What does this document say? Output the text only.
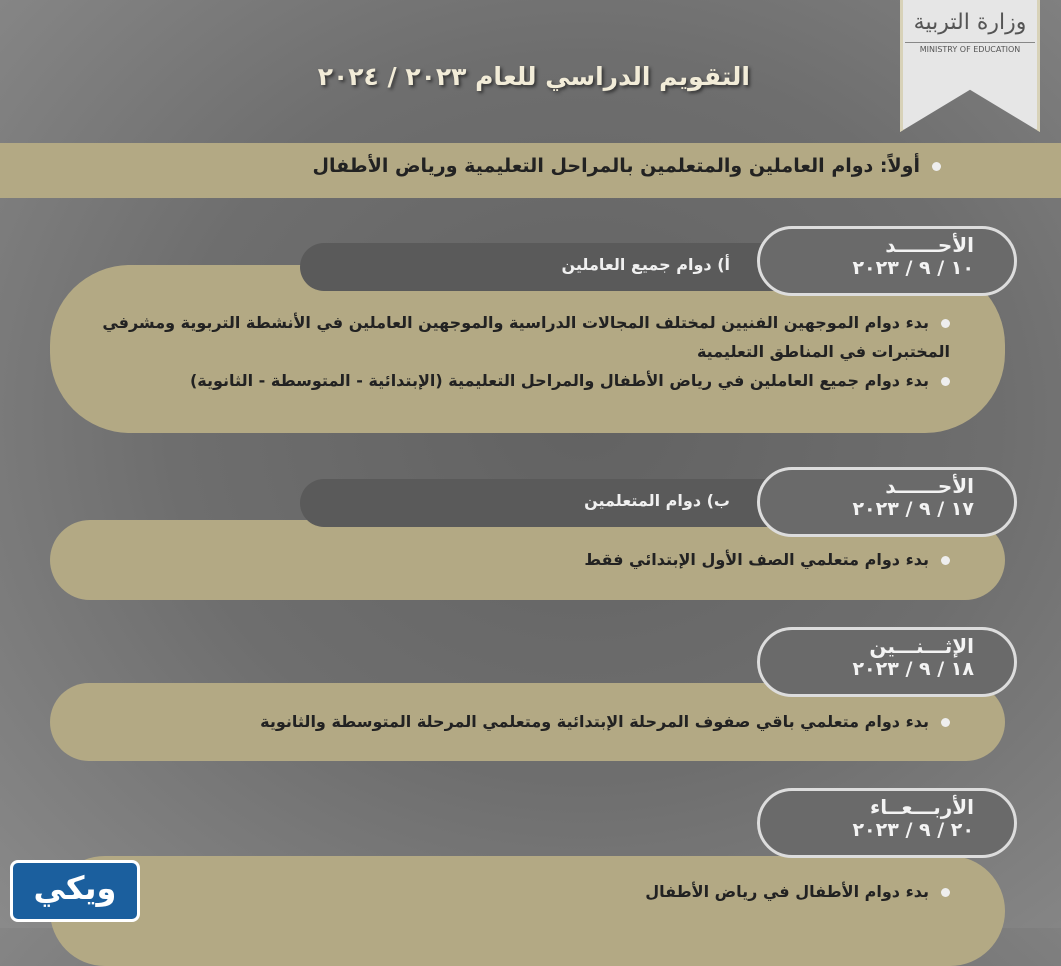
وزارة التربية
MINISTRY OF EDUCATION
التقويم الدراسي للعام ٢٠٢٣ / ٢٠٢٤
أولاً: دوام العاملين والمتعلمين بالمراحل التعليمية ورياض الأطفال
أ) دوام جميع العاملين
الأحــــــد
١٠ / ٩ / ٢٠٢٣
بدء دوام الموجهين الفنيين لمختلف المجالات الدراسية والموجهين العاملين في الأنشطة التربوية ومشرفي المختبرات في المناطق التعليمية
بدء دوام جميع العاملين في رياض الأطفال والمراحل التعليمية (الإبتدائية - المتوسطة - الثانوية)
ب) دوام المتعلمين
الأحــــــد
١٧ / ٩ / ٢٠٢٣
بدء دوام متعلمي الصف الأول الإبتدائي فقط
الإثـــنـــين
١٨ / ٩ / ٢٠٢٣
بدء دوام متعلمي باقي صفوف المرحلة الإبتدائية ومتعلمي المرحلة المتوسطة والثانوية
الأربـــعــاء
٢٠ / ٩ / ٢٠٢٣
بدء دوام الأطفال في رياض الأطفال
ويكي
